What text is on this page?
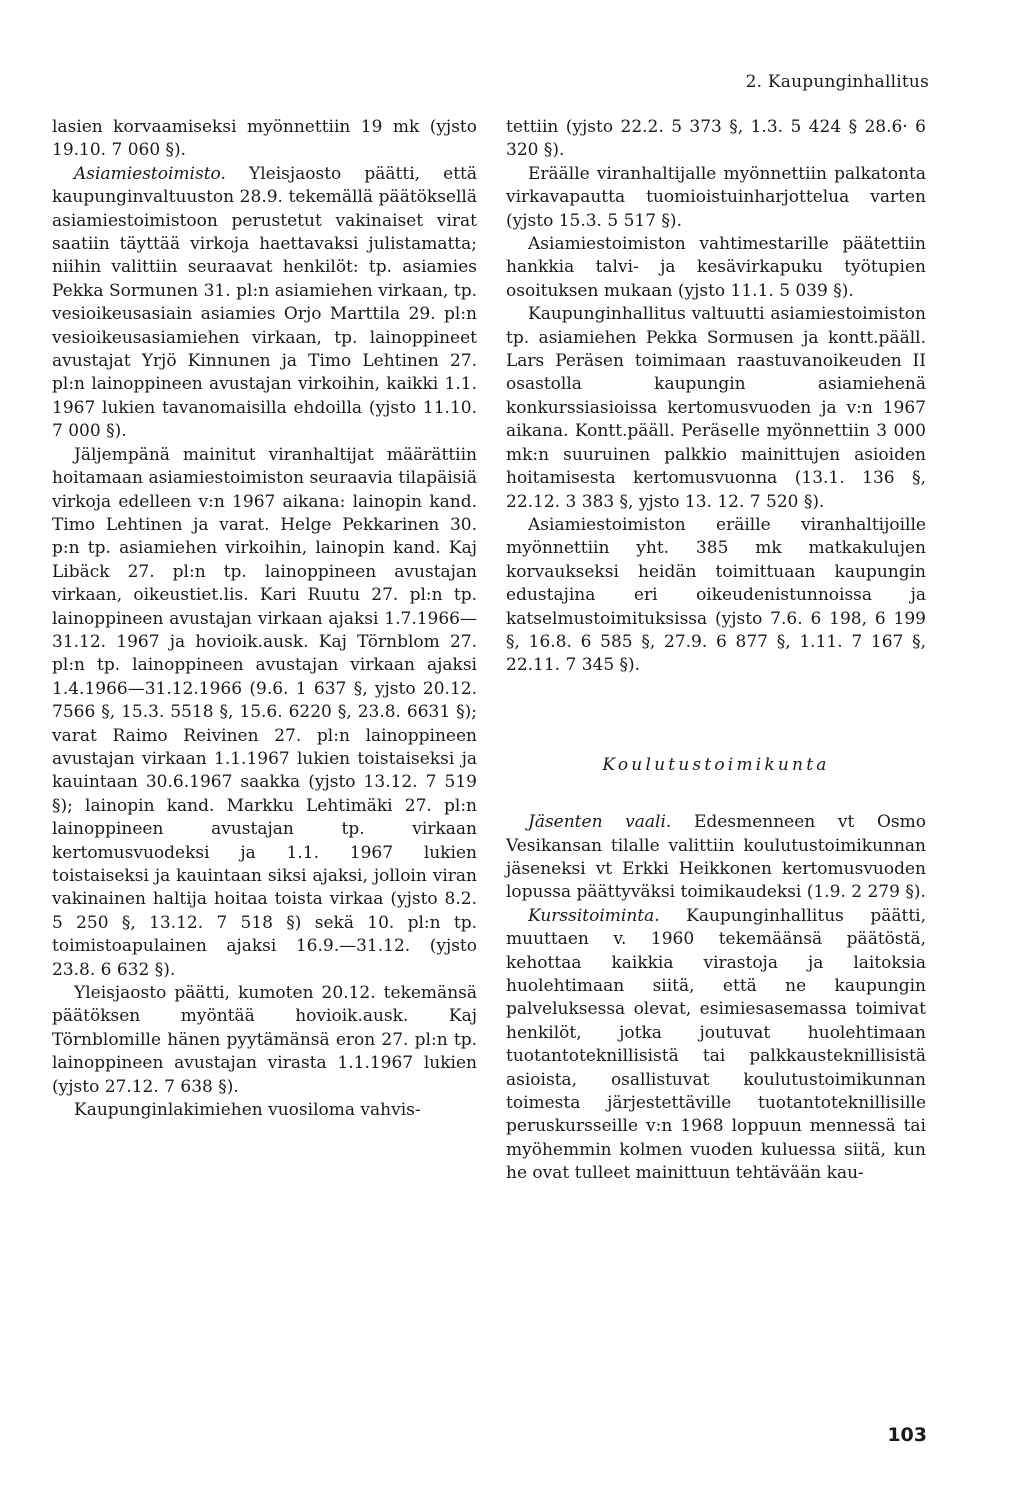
2. Kaupunginhallitus

lasien korvaamiseksi myönnettiin 19 mk (yjsto 19.10. 7 060 §).

Asiamiestoimisto. Yleisjaosto päätti, että kaupunginvaltuuston 28.9. tekemällä päätöksellä asiamiestoimistoon perustetut vakinaiset virat saatiin täyttää virkoja haettavaksi julistamatta; niihin valittiin seuraavat henkilöt: tp. asiamies Pekka Sormunen 31. pl:n asiamiehen virkaan, tp. vesioikeusasiain asiamies Orjo Marttila 29. pl:n vesioikeusasiamiehen virkaan, tp. lainoppineet avustajat Yrjö Kinnunen ja Timo Lehtinen 27. pl:n lainoppineen avustajan virkoihin, kaikki 1.1. 1967 lukien tavanomaisilla ehdoilla (yjsto 11.10. 7 000 §).

Jäljempänä mainitut viranhaltijat määrättiin hoitamaan asiamiestoimiston seuraavia tilapäisiä virkoja edelleen v:n 1967 aikana: lainopin kand. Timo Lehtinen ja varat. Helge Pekkarinen 30. p:n tp. asiamiehen virkoihin, lainopin kand. Kaj Libäck 27. pl:n tp. lainoppineen avustajan virkaan, oikeustiet.lis. Kari Ruutu 27. pl:n tp. lainoppineen avustajan virkaan ajaksi 1.7.1966—31.12. 1967 ja hovioik.ausk. Kaj Törnblom 27. pl:n tp. lainoppineen avustajan virkaan ajaksi 1.4.1966—31.12.1966 (9.6. 1 637 §, yjsto 20.12. 7566 §, 15.3. 5518 §, 15.6. 6220 §, 23.8. 6631 §); varat Raimo Reivinen 27. pl:n lainoppineen avustajan virkaan 1.1.1967 lukien toistaiseksi ja kauintaan 30.6.1967 saakka (yjsto 13.12. 7 519 §); lainopin kand. Markku Lehtimäki 27. pl:n lainoppineen avustajan tp. virkaan kertomusvuodeksi ja 1.1. 1967 lukien toistaiseksi ja kauintaan siksi ajaksi, jolloin viran vakinainen haltija hoitaa toista virkaa (yjsto 8.2. 5 250 §, 13.12. 7 518 §) sekä 10. pl:n tp. toimistoapulainen ajaksi 16.9.—31.12. (yjsto 23.8. 6 632 §).

Yleisjaosto päätti, kumoten 20.12. tekemänsä päätöksen myöntää hovioik.ausk. Kaj Törnblomille hänen pyytämänsä eron 27. pl:n tp. lainoppineen avustajan virasta 1.1.1967 lukien (yjsto 27.12. 7 638 §).

Kaupunginlakimiehen vuosiloma vahvis-

tettiin (yjsto 22.2. 5 373 §, 1.3. 5 424 § 28.6· 6 320 §).

Eräälle viranhaltijalle myönnettiin palkatonta virkavapautta tuomioistuinharjottelua varten (yjsto 15.3. 5 517 §).

Asiamiestoimiston vahtimestarille päätettiin hankkia talvi- ja kesävirkapuku työtupien osoituksen mukaan (yjsto 11.1. 5 039 §).

Kaupunginhallitus valtuutti asiamiestoimiston tp. asiamiehen Pekka Sormusen ja kontt.pääll. Lars Peräsen toimimaan raastuvanoikeuden II osastolla kaupungin asiamiehenä konkurssiasioissa kertomusvuoden ja v:n 1967 aikana. Kontt.pääll. Peräselle myönnettiin 3 000 mk:n suuruinen palkkio mainittujen asioiden hoitamisesta kertomusvuonna (13.1. 136 §, 22.12. 3 383 §, yjsto 13. 12. 7 520 §).

Asiamiestoimiston eräille viranhaltijoille myönnettiin yht. 385 mk matkakulujen korvaukseksi heidän toimittuaan kaupungin edustajina eri oikeudenistunnoissa ja katselmustoimituksissa (yjsto 7.6. 6 198, 6 199 §, 16.8. 6 585 §, 27.9. 6 877 §, 1.11. 7 167 §, 22.11. 7 345 §).

Koulutustoimikunta

Jäsenten vaali. Edesmenneen vt Osmo Vesikansan tilalle valittiin koulutustoimikunnan jäseneksi vt Erkki Heikkonen kertomusvuoden lopussa päättyväksi toimikaudeksi (1.9. 2 279 §).

Kurssitoiminta. Kaupunginhallitus päätti, muuttaen v. 1960 tekemäänsä päätöstä, kehottaa kaikkia virastoja ja laitoksia huolehtimaan siitä, että ne kaupungin palveluksessa olevat, esimiesasemassa toimivat henkilöt, jotka joutuvat huolehtimaan tuotantoteknillisistä tai palkkausteknillisistä asioista, osallistuvat koulutustoimikunnan toimesta järjestettäville tuotantoteknillisille peruskursseille v:n 1968 loppuun mennessä tai myöhemmin kolmen vuoden kuluessa siitä, kun he ovat tulleet mainittuun tehtävään kau-

103
